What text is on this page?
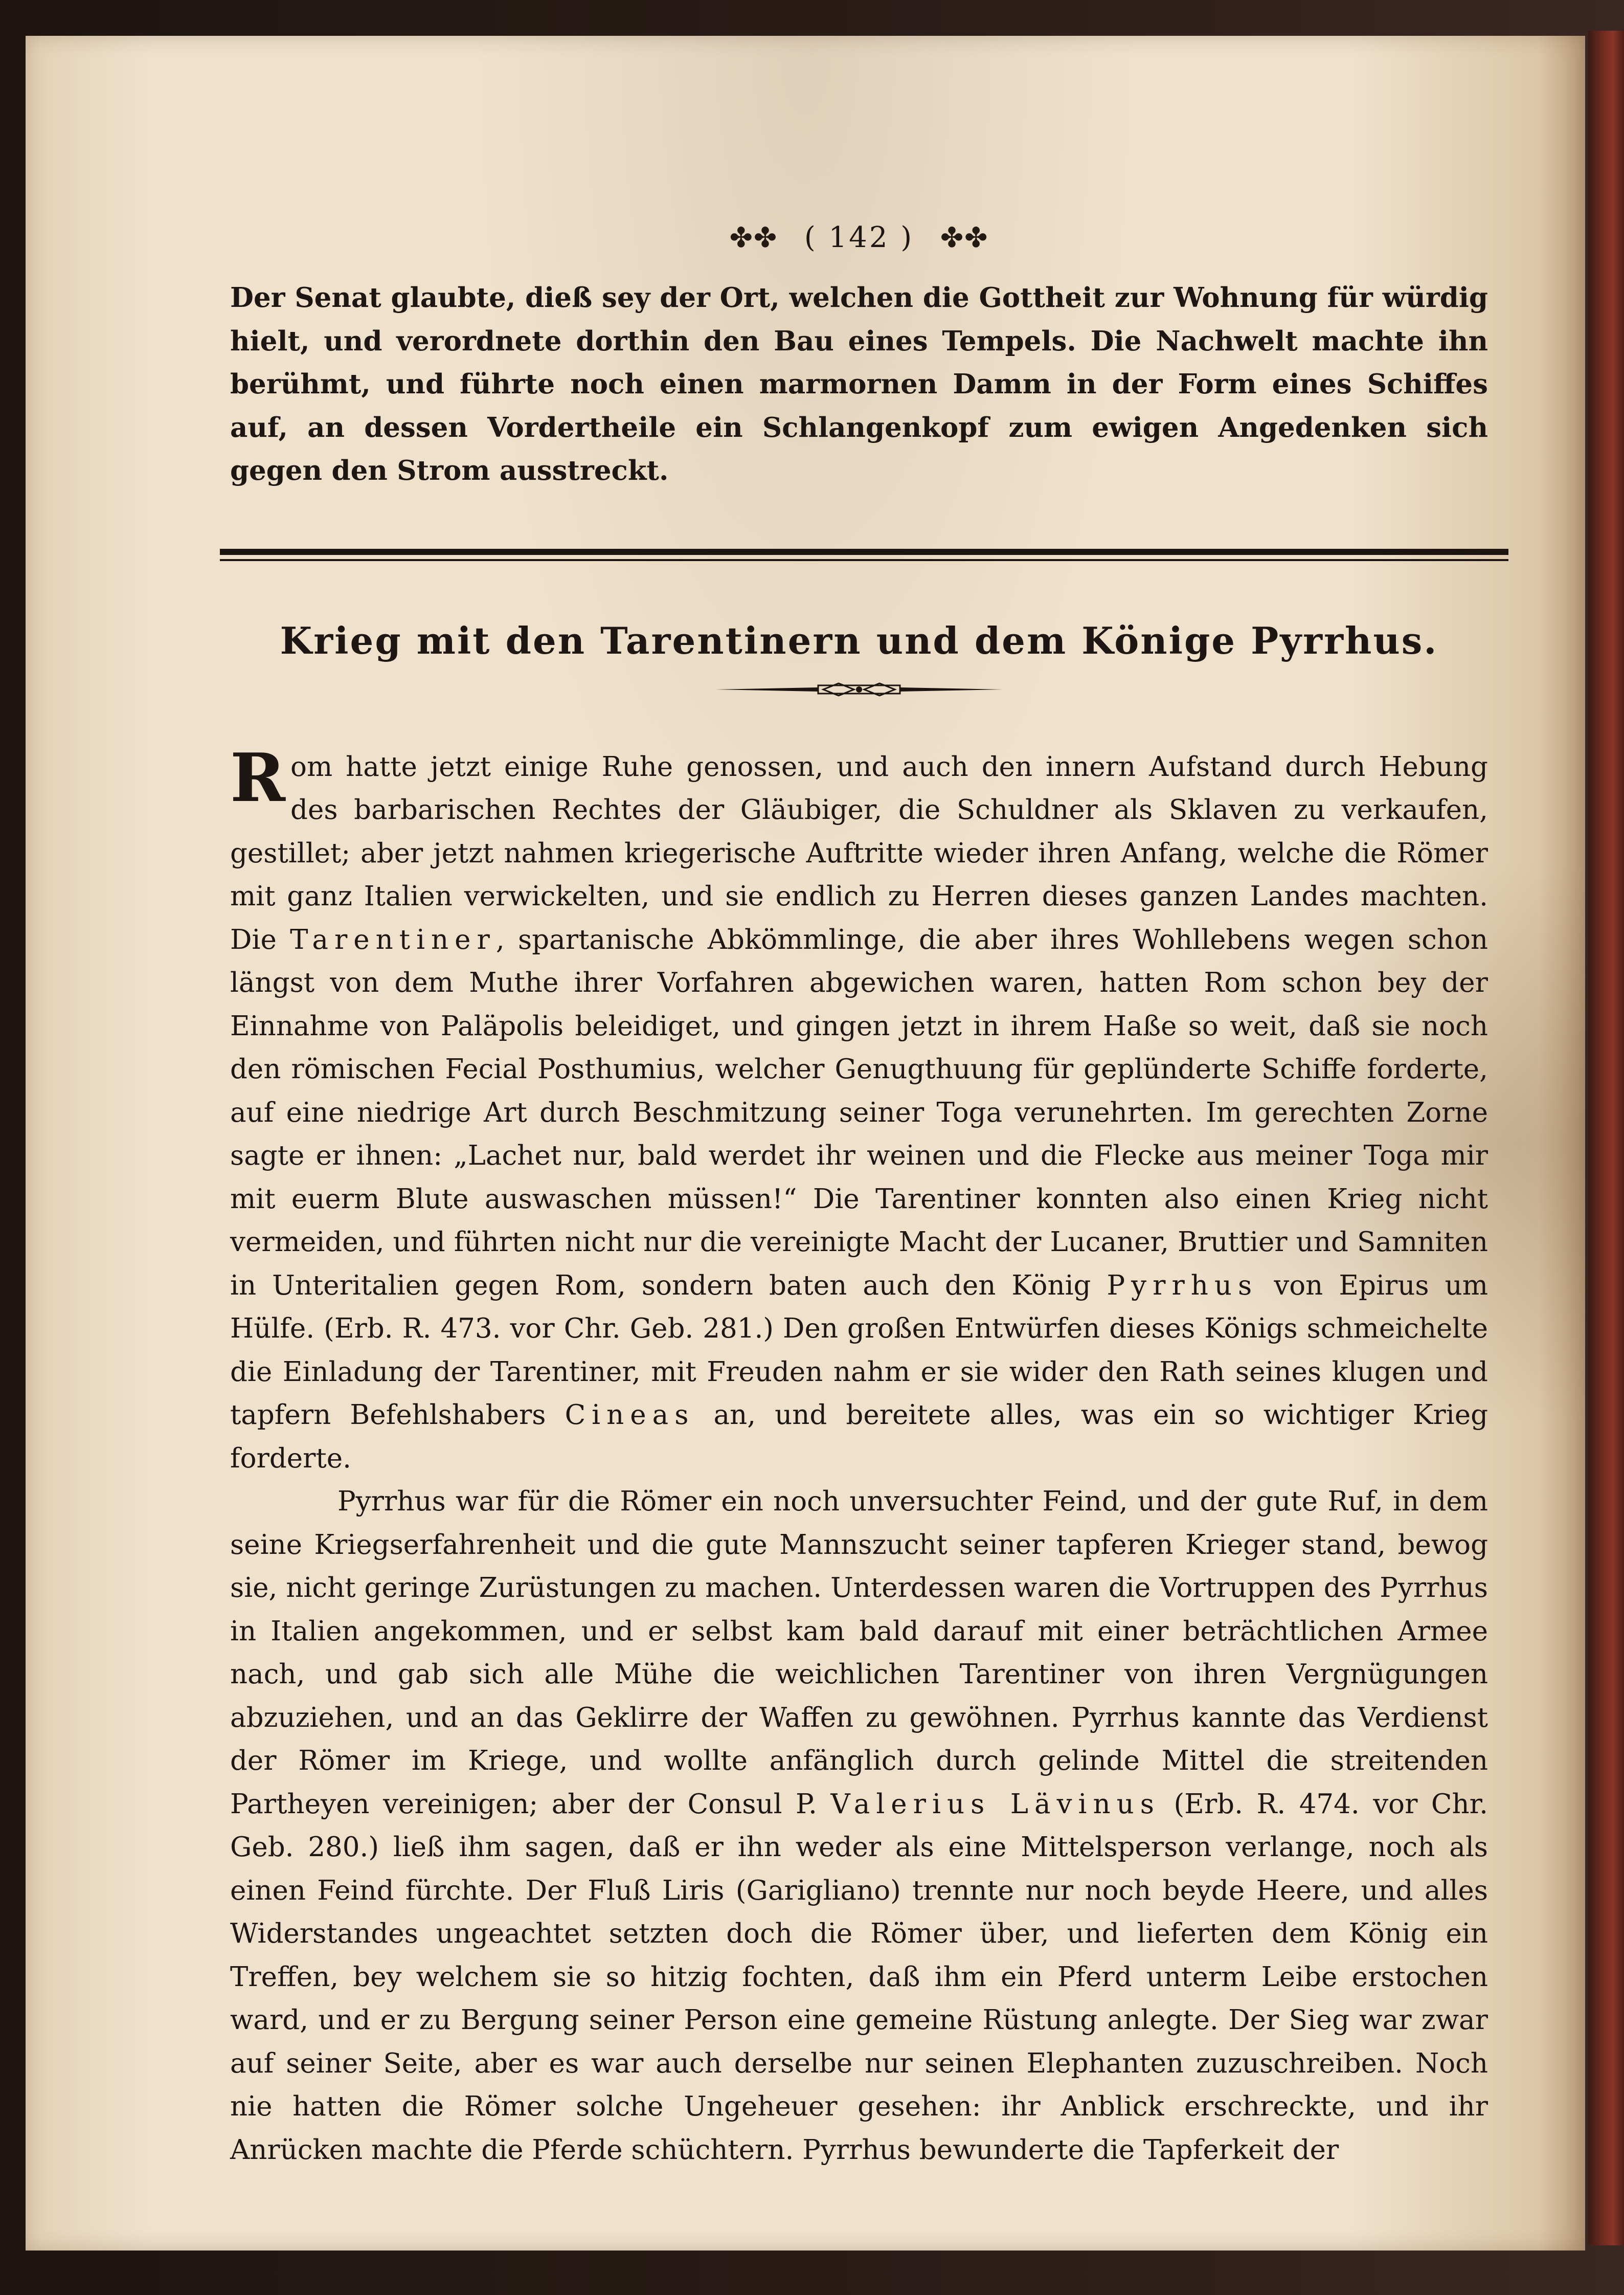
✤✤ ( 142 ) ✤✤

Der Senat glaubte, dieß sey der Ort, welchen die Gottheit zur Wohnung für würdig hielt, und verordnete dorthin den Bau eines Tempels. Die Nachwelt machte ihn berühmt, und führte noch einen marmornen Damm in der Form eines Schiffes auf, an dessen Vordertheile ein Schlangenkopf zum ewigen Angedenken sich gegen den Strom ausstreckt.

Krieg mit den Tarentinern und dem Könige Pyrrhus.

Rom hatte jetzt einige Ruhe genossen, und auch den innern Aufstand durch Hebung des barbarischen Rechtes der Gläubiger, die Schuldner als Sklaven zu verkaufen, gestillet; aber jetzt nahmen kriegerische Auftritte wieder ihren Anfang, welche die Römer mit ganz Italien verwickelten, und sie endlich zu Herren dieses ganzen Landes machten. Die Tarentiner, spartanische Abkömmlinge, die aber ihres Wohllebens wegen schon längst von dem Muthe ihrer Vorfahren abgewichen waren, hatten Rom schon bey der Einnahme von Paläpolis beleidiget, und gingen jetzt in ihrem Haße so weit, daß sie noch den römischen Fecial Posthumius, welcher Genugthuung für geplünderte Schiffe forderte, auf eine niedrige Art durch Beschmitzung seiner Toga verunehrten. Im gerechten Zorne sagte er ihnen: „Lachet nur, bald werdet ihr weinen und die Flecke aus meiner Toga mir mit euerm Blute auswaschen müssen!“ Die Tarentiner konnten also einen Krieg nicht vermeiden, und führten nicht nur die vereinigte Macht der Lucaner, Bruttier und Samniten in Unteritalien gegen Rom, sondern baten auch den König Pyrrhus von Epirus um Hülfe. (Erb. R. 473. vor Chr. Geb. 281.) Den großen Entwürfen dieses Königs schmeichelte die Einladung der Tarentiner, mit Freuden nahm er sie wider den Rath seines klugen und tapfern Befehlshabers Cineas an, und bereitete alles, was ein so wichtiger Krieg forderte.

Pyrrhus war für die Römer ein noch unversuchter Feind, und der gute Ruf, in dem seine Kriegserfahrenheit und die gute Mannszucht seiner tapferen Krieger stand, bewog sie, nicht geringe Zurüstungen zu machen. Unterdessen waren die Vortruppen des Pyrrhus in Italien angekommen, und er selbst kam bald darauf mit einer beträchtlichen Armee nach, und gab sich alle Mühe die weichlichen Tarentiner von ihren Vergnügungen abzuziehen, und an das Geklirre der Waffen zu gewöhnen. Pyrrhus kannte das Verdienst der Römer im Kriege, und wollte anfänglich durch gelinde Mittel die streitenden Partheyen vereinigen; aber der Consul P. Valerius Lävinus (Erb. R. 474. vor Chr. Geb. 280.) ließ ihm sagen, daß er ihn weder als eine Mittelsperson verlange, noch als einen Feind fürchte. Der Fluß Liris (Garigliano) trennte nur noch beyde Heere, und alles Widerstandes ungeachtet setzten doch die Römer über, und lieferten dem König ein Treffen, bey welchem sie so hitzig fochten, daß ihm ein Pferd unterm Leibe erstochen ward, und er zu Bergung seiner Person eine gemeine Rüstung anlegte. Der Sieg war zwar auf seiner Seite, aber es war auch derselbe nur seinen Elephanten zuzuschreiben. Noch nie hatten die Römer solche Ungeheuer gesehen: ihr Anblick erschreckte, und ihr Anrücken machte die Pferde schüchtern. Pyrrhus bewunderte die Tapferkeit der
